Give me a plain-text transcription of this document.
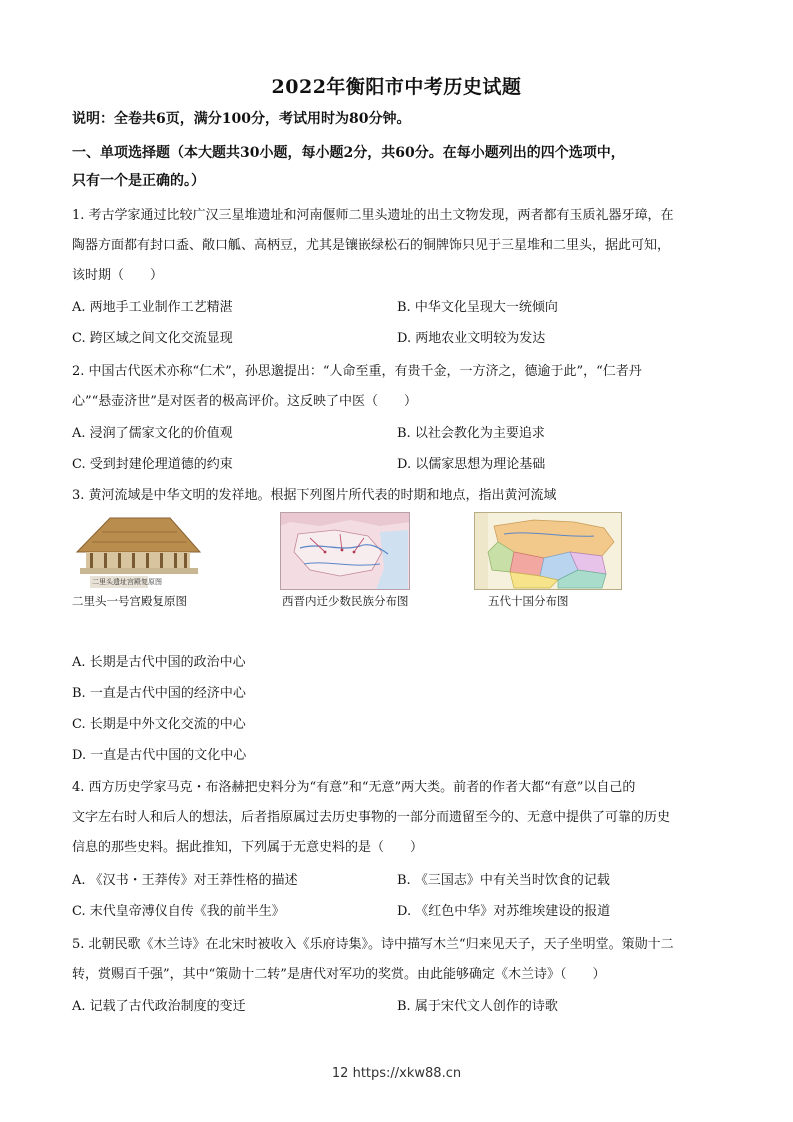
2022年衡阳市中考历史试题
说明：全卷共6页，满分100分，考试用时为80分钟。
一、单项选择题（本大题共30小题，每小题2分，共60分。在每小题列出的四个选项中，
只有一个是正确的。）
1. 考古学家通过比较广汉三星堆遗址和河南偃师二里头遗址的出土文物发现，两者都有玉质礼器牙璋，在
陶器方面都有封口盉、敞口觚、高柄豆，尤其是镶嵌绿松石的铜牌饰只见于三星堆和二里头，据此可知，
该时期（　　）
A. 两地手工业制作工艺精湛	B. 中华文化呈现大一统倾向
C. 跨区域之间文化交流显现	D. 两地农业文明较为发达
2. 中国古代医术亦称“仁术”，孙思邈提出：“人命至重，有贵千金，一方济之，德逾于此”，“仁者丹
心”“悬壶济世”是对医者的极高评价。这反映了中医（　　）
A. 浸润了儒家文化的价值观	B. 以社会教化为主要追求
C. 受到封建伦理道德的约束	D. 以儒家思想为理论基础
3. 黄河流域是中华文明的发祥地。根据下列图片所代表的时期和地点，指出黄河流域
二里头遗址宫殿复原图
二里头一号宫殿复原图	西晋内迁少数民族分布图	五代十国分布图
A. 长期是古代中国的政治中心
B. 一直是古代中国的经济中心
C. 长期是中外文化交流的中心
D. 一直是古代中国的文化中心
4. 西方历史学家马克・布洛赫把史料分为“有意”和“无意”两大类。前者的作者大都“有意”以自己的
文字左右时人和后人的想法，后者指原属过去历史事物的一部分而遗留至今的、无意中提供了可靠的历史
信息的那些史料。据此推知，下列属于无意史料的是（　　）
A. 《汉书・王莽传》对王莽性格的描述	B. 《三国志》中有关当时饮食的记载
C. 末代皇帝溥仪自传《我的前半生》	D. 《红色中华》对苏维埃建设的报道
5. 北朝民歌《木兰诗》在北宋时被收入《乐府诗集》。诗中描写木兰“归来见天子，天子坐明堂。策勋十二
转，赏赐百千强”，其中“策勋十二转”是唐代对军功的奖赏。由此能够确定《木兰诗》（　　）
A. 记载了古代政治制度的变迁	B. 属于宋代文人创作的诗歌
12 https://xkw88.cn
